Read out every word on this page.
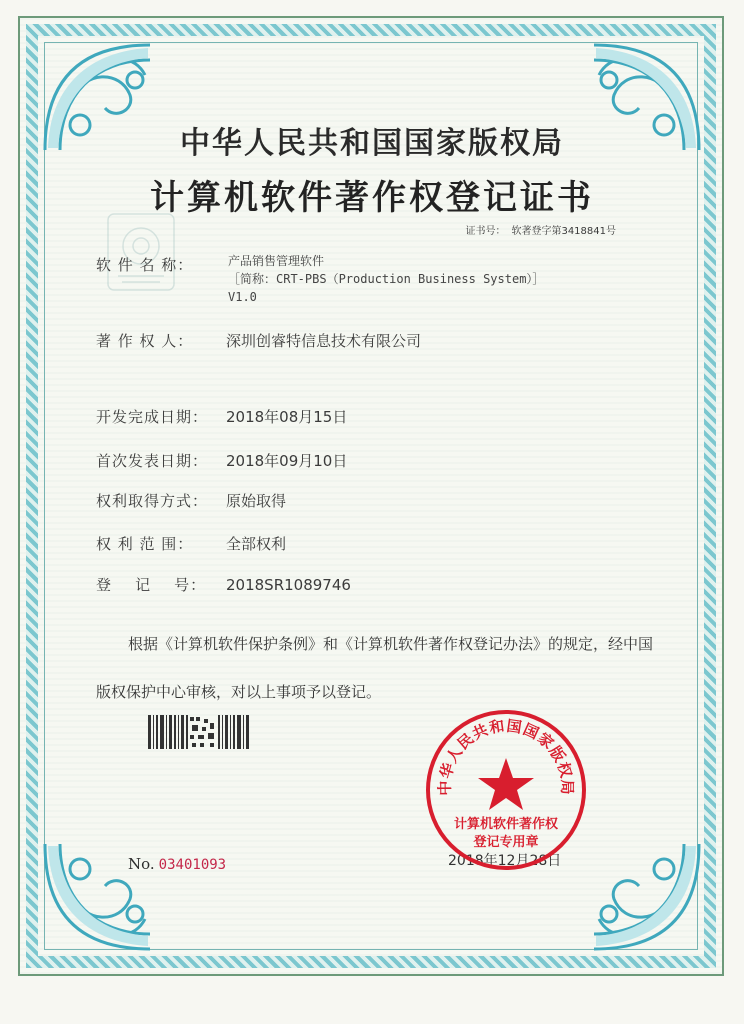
中华人民共和国国家版权局
计算机软件著作权登记证书
证书号： 软著登字第3418841号
软 件 名 称：	产品销售管理软件
［简称：CRT-PBS（Production Business System）］
V1.0
著 作 权 人： 深圳创睿特信息技术有限公司
开发完成日期： 2018年08月15日
首次发表日期： 2018年09月10日
权利取得方式： 原始取得
权 利 范 围： 全部权利
登    记    号： 2018SR1089746
根据《计算机软件保护条例》和《计算机软件著作权登记办法》的规定，经中国版权保护中心审核，对以上事项予以登记。
No. 03401093	2018年12月28日
中华人民共和国国家版权局
计算机软件著作权
登记专用章
